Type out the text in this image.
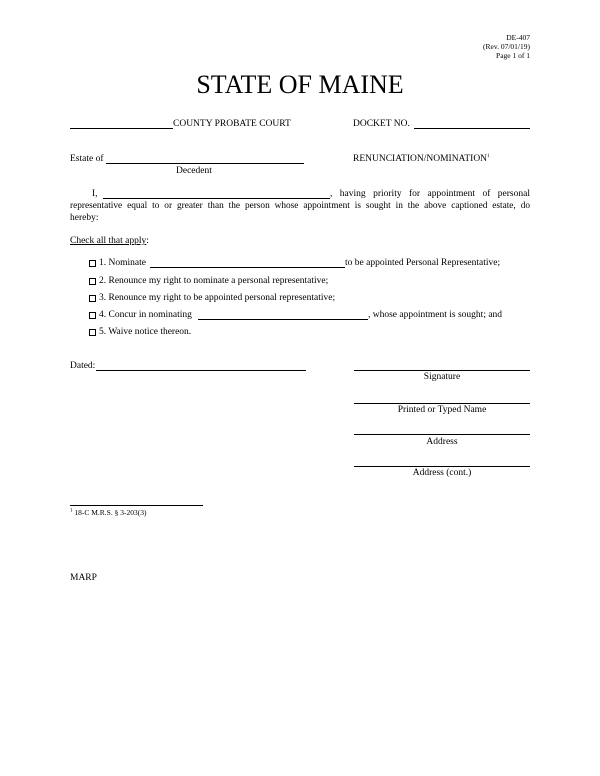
DE-407
(Rev. 07/01/19)
Page 1 of 1
STATE OF MAINE
COUNTY PROBATE COURT	DOCKET NO.
Estate of
Decedent
RENUNCIATION/NOMINATION$^1$
I,	, having priority for appointment of personal
representative equal to or greater than the person whose appointment is sought in the above captioned estate, do
hereby:
Check all that apply:
1. Nominate	to be appointed Personal Representative;
2. Renounce my right to nominate a personal representative;
3. Renounce my right to be appointed personal representative;
4. Concur in nominating	, whose appointment is sought; and
5. Waive notice thereon.
Dated:
Signature
Printed or Typed Name
Address
Address (cont.)
$^1$ 18-C M.R.S. § 3-203(3)
MARP
